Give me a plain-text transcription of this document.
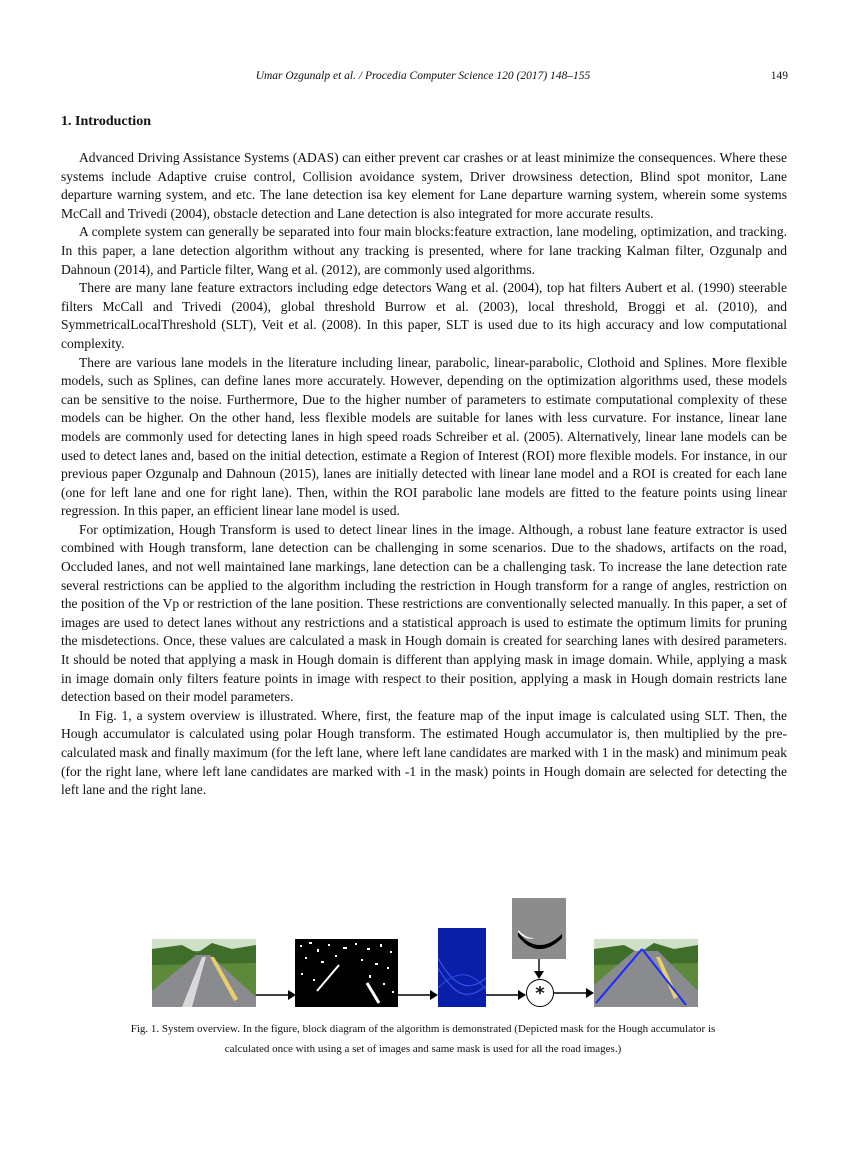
Umar Ozgunalp et al. / Procedia Computer Science 120 (2017) 148–155	149
1. Introduction

Advanced Driving Assistance Systems (ADAS) can either prevent car crashes or at least minimize the consequences. Where these systems include Adaptive cruise control, Collision avoidance system, Driver drowsiness detection, Blind spot monitor, Lane departure warning system, and etc. The lane detection isa key element for Lane departure warning system, wherein some systems McCall and Trivedi (2004), obstacle detection and Lane detection is also integrated for more accurate results.

A complete system can generally be separated into four main blocks:feature extraction, lane modeling, optimization, and tracking. In this paper, a lane detection algorithm without any tracking is presented, where for lane tracking Kalman filter, Ozgunalp and Dahnoun (2014), and Particle filter, Wang et al. (2012), are commonly used algorithms.

There are many lane feature extractors including edge detectors Wang et al. (2004), top hat filters Aubert et al. (1990) steerable filters McCall and Trivedi (2004), global threshold Burrow et al. (2003), local threshold, Broggi et al. (2010), and SymmetricalLocalThreshold (SLT), Veit et al. (2008). In this paper, SLT is used due to its high accuracy and low computational complexity.

There are various lane models in the literature including linear, parabolic, linear-parabolic, Clothoid and Splines. More flexible models, such as Splines, can define lanes more accurately. However, depending on the optimization algorithms used, these models can be sensitive to the noise. Furthermore, Due to the higher number of parameters to estimate computational complexity of these models can be higher. On the other hand, less flexible models are suitable for lanes with less curvature. For instance, linear lane models are commonly used for detecting lanes in high speed roads Schreiber et al. (2005). Alternatively, linear lane models can be used to detect lanes and, based on the initial detection, estimate a Region of Interest (ROI) more flexible models. For instance, in our previous paper Ozgunalp and Dahnoun (2015), lanes are initially detected with linear lane model and a ROI is created for each lane (one for left lane and one for right lane). Then, within the ROI parabolic lane models are fitted to the feature points using linear regression. In this paper, an efficient linear lane model is used.

For optimization, Hough Transform is used to detect linear lines in the image. Although, a robust lane feature extractor is used combined with Hough transform, lane detection can be challenging in some scenarios. Due to the shadows, artifacts on the road, Occluded lanes, and not well maintained lane markings, lane detection can be a challenging task. To increase the lane detection rate several restrictions can be applied to the algorithm including the restriction in Hough transform for a range of angles, restriction on the position of the Vp or restriction of the lane position. These restrictions are conventionally selected manually. In this paper, a set of images are used to detect lanes without any restrictions and a statistical approach is used to estimate the optimum limits for pruning the misdetections. Once, these values are calculated a mask in Hough domain is created for searching lanes with desired parameters. It should be noted that applying a mask in Hough domain is different than applying mask in image domain. While, applying a mask in image domain only filters feature points in image with respect to their position, applying a mask in Hough domain restricts lane detection based on their model parameters.

In Fig. 1, a system overview is illustrated. Where, first, the feature map of the input image is calculated using SLT. Then, the Hough accumulator is calculated using polar Hough transform. The estimated Hough accumulator is, then multiplied by the pre-calculated mask and finally maximum (for the left lane, where left lane candidates are marked with 1 in the mask) and minimum peak (for the right lane, where left lane candidates are marked with -1 in the mask) points in Hough domain are selected for detecting the left lane and the right lane.

*
Fig. 1. System overview. In the figure, block diagram of the algorithm is demonstrated (Depicted mask for the Hough accumulator is
calculated once with using a set of images and same mask is used for all the road images.)
